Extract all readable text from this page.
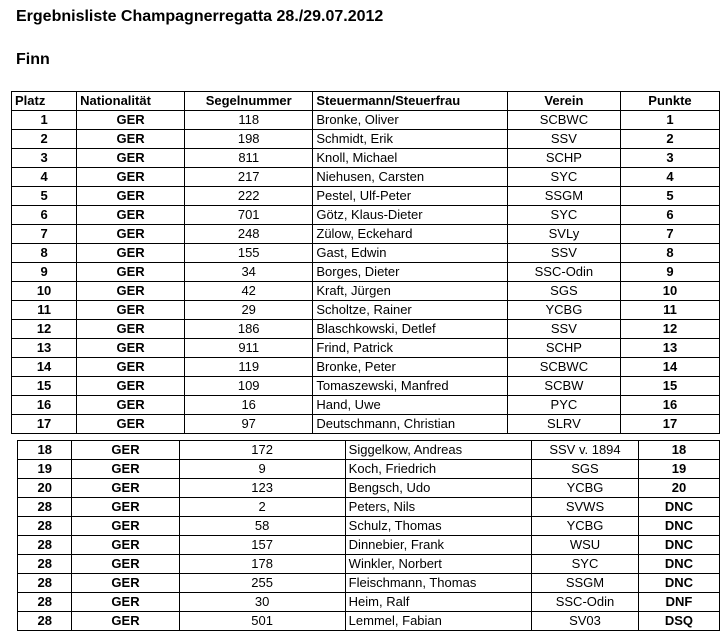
Ergebnisliste Champagnerregatta 28./29.07.2012
Finn
Platz	Nationalität	Segelnummer	Steuermann/Steuerfrau	Verein	Punkte
1	GER	118	Bronke, Oliver	SCBWC	1
2	GER	198	Schmidt, Erik	SSV	2
3	GER	811	Knoll, Michael	SCHP	3
4	GER	217	Niehusen, Carsten	SYC	4
5	GER	222	Pestel, Ulf-Peter	SSGM	5
6	GER	701	Götz, Klaus-Dieter	SYC	6
7	GER	248	Zülow, Eckehard	SVLy	7
8	GER	155	Gast, Edwin	SSV	8
9	GER	34	Borges, Dieter	SSC-Odin	9
10	GER	42	Kraft, Jürgen	SGS	10
11	GER	29	Scholtze, Rainer	YCBG	11
12	GER	186	Blaschkowski, Detlef	SSV	12
13	GER	911	Frind, Patrick	SCHP	13
14	GER	119	Bronke, Peter	SCBWC	14
15	GER	109	Tomaszewski, Manfred	SCBW	15
16	GER	16	Hand, Uwe	PYC	16
17	GER	97	Deutschmann, Christian	SLRV	17
18	GER	172	Siggelkow, Andreas	SSV v. 1894	18
19	GER	9	Koch, Friedrich	SGS	19
20	GER	123	Bengsch, Udo	YCBG	20
28	GER	2	Peters, Nils	SVWS	DNC
28	GER	58	Schulz, Thomas	YCBG	DNC
28	GER	157	Dinnebier, Frank	WSU	DNC
28	GER	178	Winkler, Norbert	SYC	DNC
28	GER	255	Fleischmann, Thomas	SSGM	DNC
28	GER	30	Heim, Ralf	SSC-Odin	DNF
28	GER	501	Lemmel, Fabian	SV03	DSQ
